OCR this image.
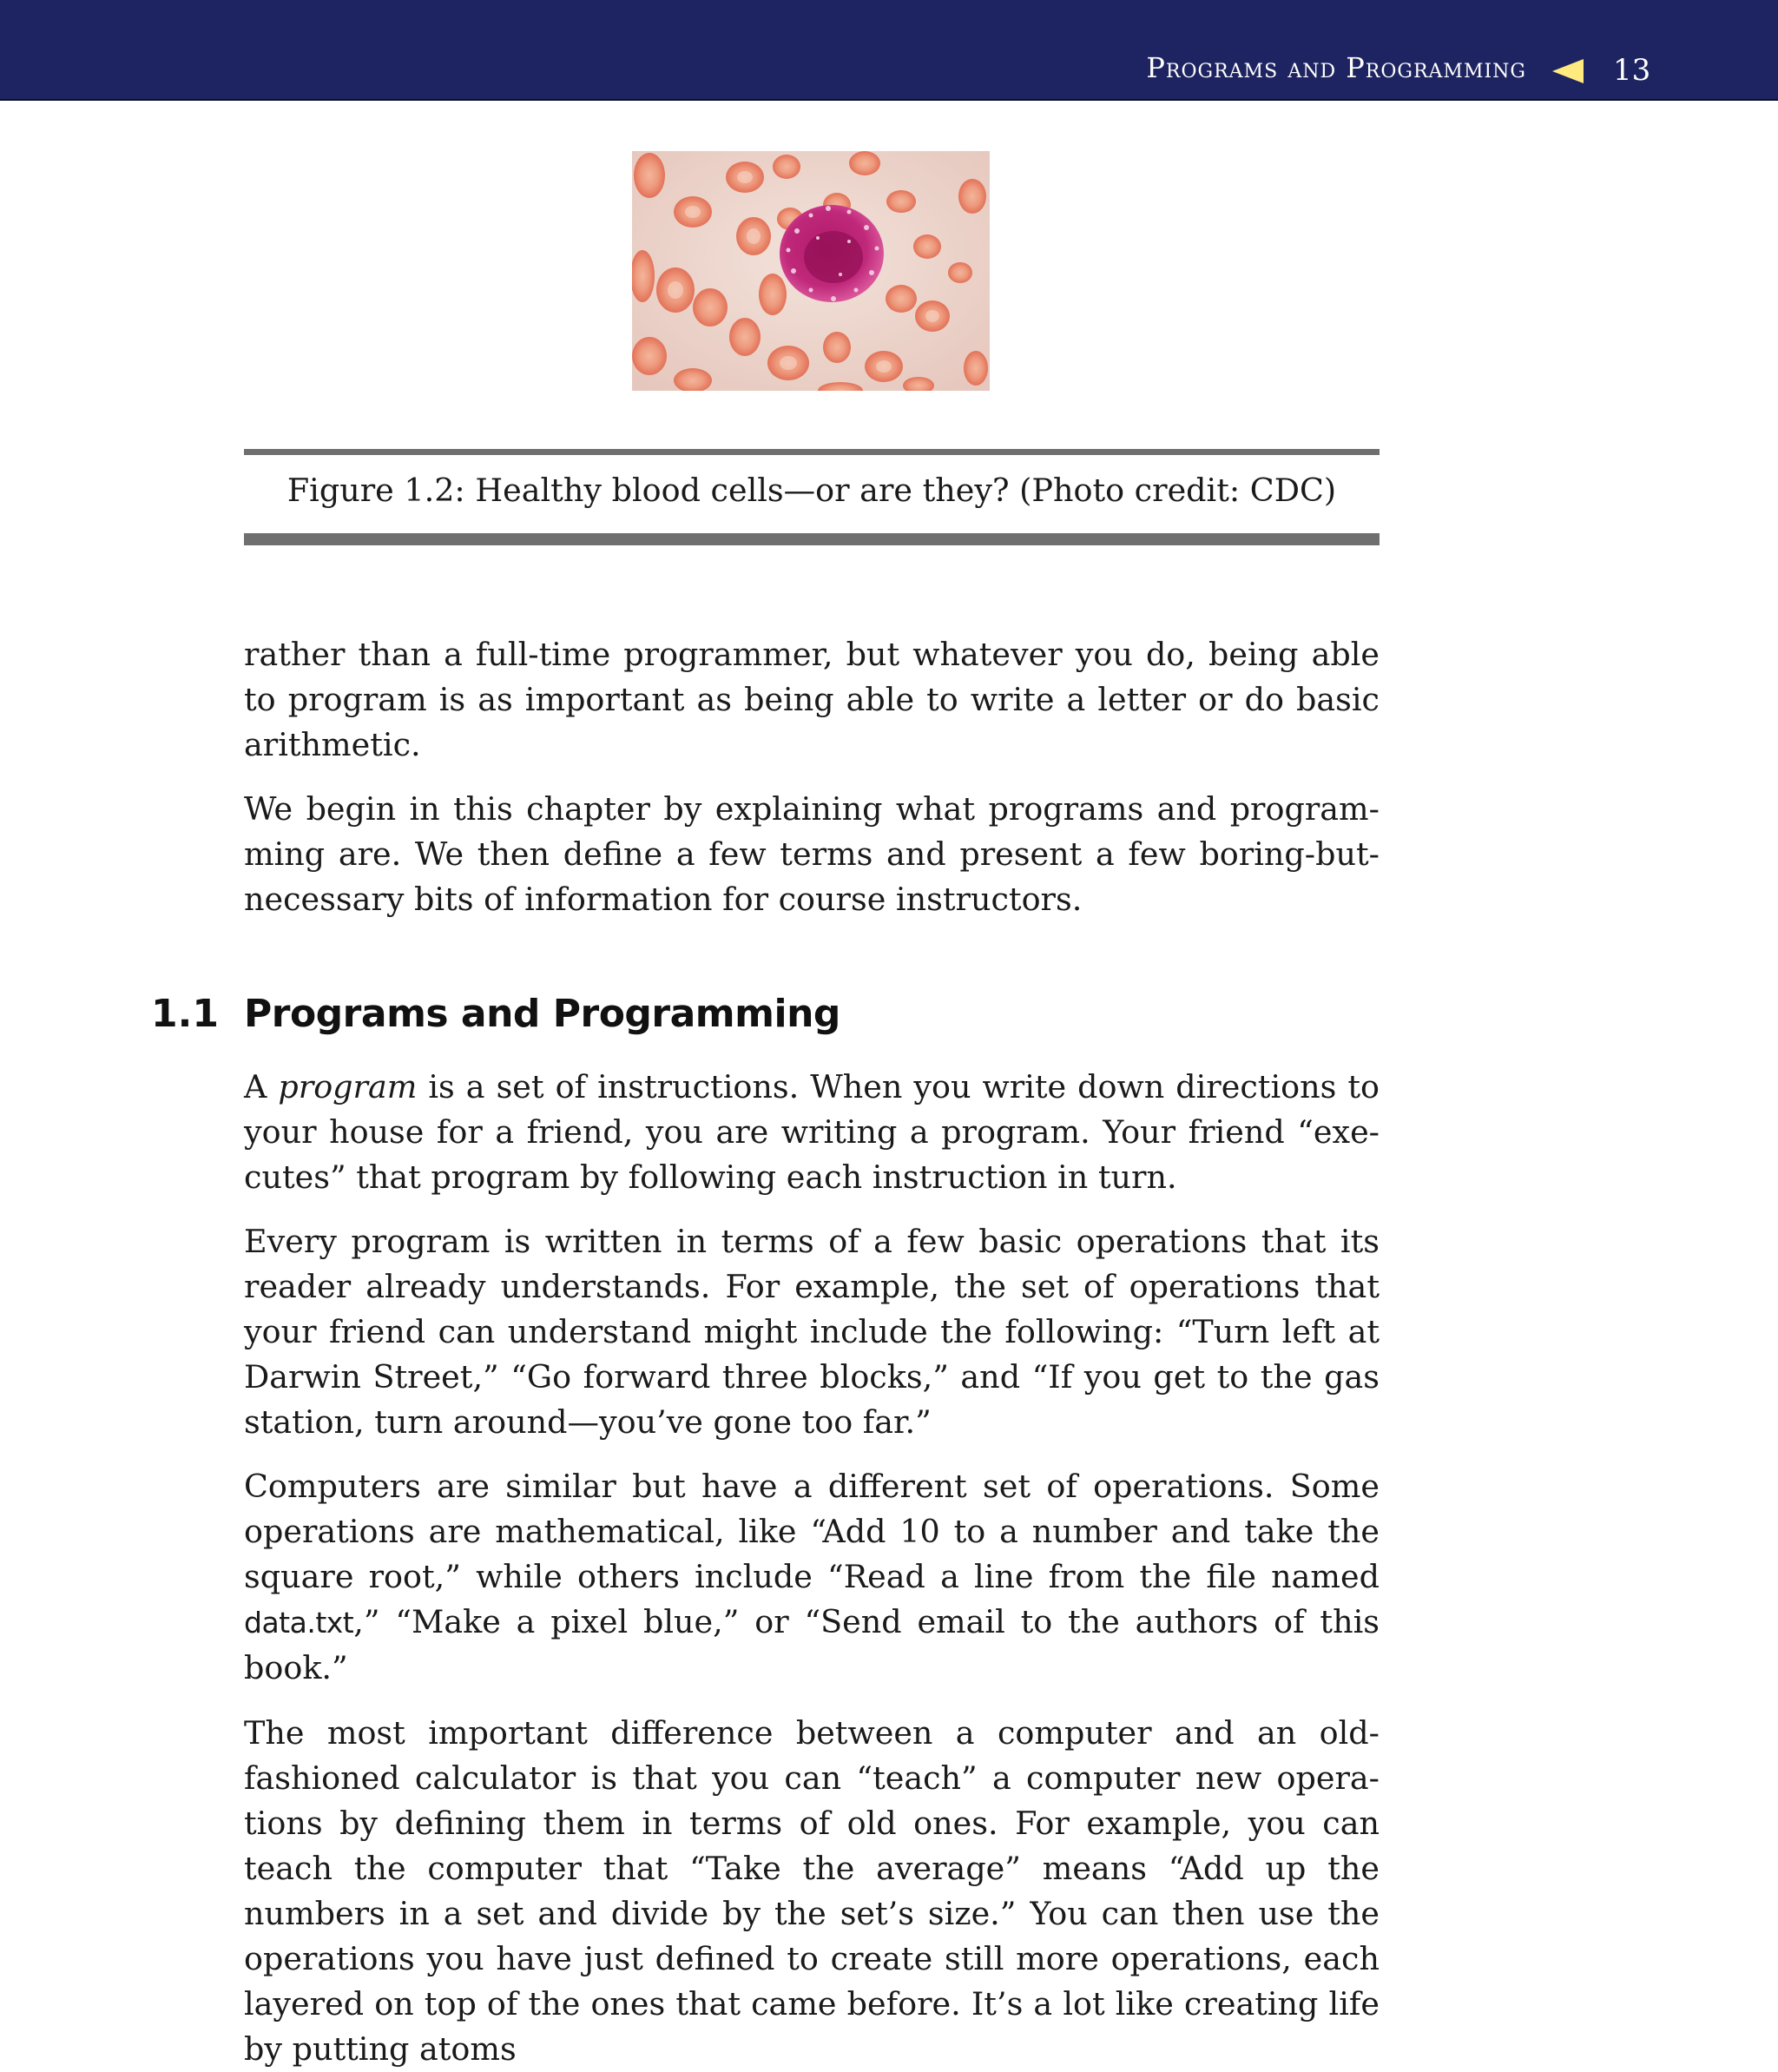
Programs and Programming	13
Figure 1.2: Healthy blood cells—or are they? (Photo credit: CDC)

rather than a full-time programmer, but whatever you do, being able to program is as important as being able to write a letter or do basic arithmetic.

We begin in this chapter by explaining what programs and program-ming are. We then define a few terms and present a few boring-but-necessary bits of information for course instructors.

1.1 Programs and Programming

A program is a set of instructions. When you write down directions to your house for a friend, you are writing a program. Your friend “exe-cutes” that program by following each instruction in turn.

Every program is written in terms of a few basic operations that its reader already understands. For example, the set of operations that your friend can understand might include the following: “Turn left at Darwin Street,” “Go forward three blocks,” and “If you get to the gas station, turn around—you’ve gone too far.”

Computers are similar but have a different set of operations. Some operations are mathematical, like “Add 10 to a number and take the square root,” while others include “Read a line from the file named data.txt,” “Make a pixel blue,” or “Send email to the authors of this book.”

The most important difference between a computer and an old-fashioned calculator is that you can “teach” a computer new opera-tions by defining them in terms of old ones. For example, you can teach the computer that “Take the average” means “Add up the numbers in a set and divide by the set’s size.” You can then use the operations you have just defined to create still more operations, each layered on top of the ones that came before. It’s a lot like creating life by putting atoms
